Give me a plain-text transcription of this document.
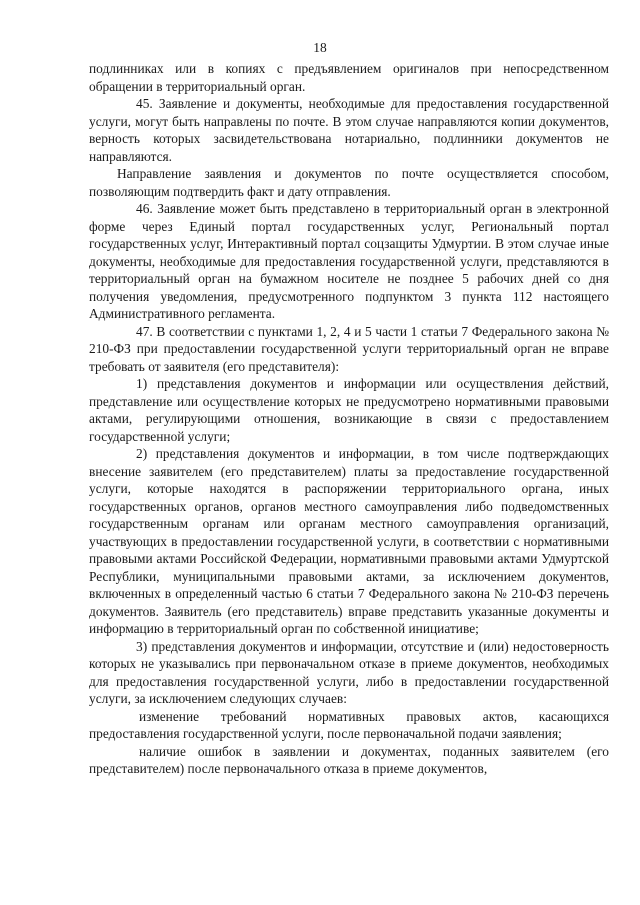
18

подлинниках или в копиях с предъявлением оригиналов при непосредственном обращении в территориальный орган.

45. Заявление и документы, необходимые для предоставления государственной услуги, могут быть направлены по почте. В этом случае направляются копии документов, верность которых засвидетельствована нотариально, подлинники документов не направляются.

Направление заявления и документов по почте осуществляется способом, позволяющим подтвердить факт и дату отправления.

46. Заявление может быть представлено в территориальный орган в электронной форме через Единый портал государственных услуг, Региональный портал государственных услуг, Интерактивный портал соцзащиты Удмуртии. В этом случае иные документы, необходимые для предоставления государственной услуги, представляются в территориальный орган на бумажном носителе не позднее 5 рабочих дней со дня получения уведомления, предусмотренного подпунктом 3 пункта 112 настоящего Административного регламента.

47. В соответствии с пунктами 1, 2, 4 и 5 части 1 статьи 7 Федерального закона № 210-ФЗ при предоставлении государственной услуги территориальный орган не вправе требовать от заявителя (его представителя):

1) представления документов и информации или осуществления действий, представление или осуществление которых не предусмотрено нормативными правовыми актами, регулирующими отношения, возникающие в связи с предоставлением государственной услуги;

2) представления документов и информации, в том числе подтверждающих внесение заявителем (его представителем) платы за предоставление государственной услуги, которые находятся в распоряжении территориального органа, иных государственных органов, органов местного самоуправления либо подведомственных государственным органам или органам местного самоуправления организаций, участвующих в предоставлении государственной услуги, в соответствии с нормативными правовыми актами Российской Федерации, нормативными правовыми актами Удмуртской Республики, муниципальными правовыми актами, за исключением документов, включенных в определенный частью 6 статьи 7 Федерального закона № 210-ФЗ перечень документов. Заявитель (его представитель) вправе представить указанные документы и информацию в территориальный орган по собственной инициативе;

3) представления документов и информации, отсутствие и (или) недостоверность которых не указывались при первоначальном отказе в приеме документов, необходимых для предоставления государственной услуги, либо в предоставлении государственной услуги, за исключением следующих случаев:

изменение требований нормативных правовых актов, касающихся предоставления государственной услуги, после первоначальной подачи заявления;

наличие ошибок в заявлении и документах, поданных заявителем (его представителем) после первоначального отказа в приеме документов,
